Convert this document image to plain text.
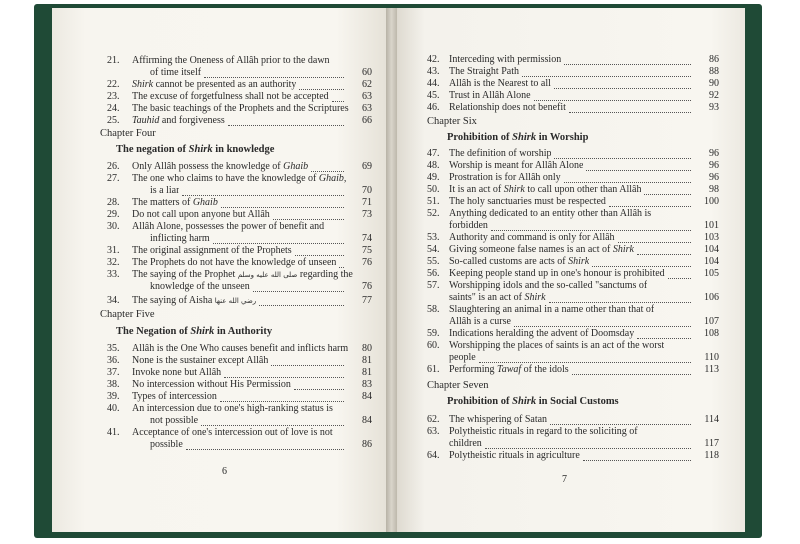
21. Affirming the Oneness of Allâh prior to the dawn
of time itself	60
22. Shirk cannot be presented as an authority	62
23. The excuse of forgetfulness shall not be accepted	63
24. The basic teachings of the Prophets and the Scriptures	63
25. Tauhid and forgiveness	66
Chapter Four
The negation of Shirk in knowledge
26. Only Allâh possess the knowledge of Ghaib	69
27. The one who claims to have the knowledge of Ghaib,
is a liar	70
28. The matters of Ghaib	71
29. Do not call upon anyone but Allâh	73
30. Allâh Alone, possesses the power of benefit and
inflicting harm	74
31. The original assignment of the Prophets	75
32. The Prophets do not have the knowledge of unseen	76
33. The saying of the Prophet صلى الله عليه وسلم regarding the
knowledge of the unseen	76
34. The saying of Aisha رضي الله عنها	77
Chapter Five
The Negation of Shirk in Authority
35. Allâh is the One Who causes benefit and inflicts harm	80
36. None is the sustainer except Allâh	81
37. Invoke none but Allâh	81
38. No intercession without His Permission	83
39. Types of intercession	84
40. An intercession due to one's high-ranking status is
not possible	84
41. Acceptance of one's intercession out of love is not
possible	86
6
42. Interceding with permission	86
43. The Straight Path	88
44. Allâh is the Nearest to all	90
45. Trust in Allâh Alone	92
46. Relationship does not benefit	93
Chapter Six
Prohibition of Shirk in Worship
47. The definition of worship	96
48. Worship is meant for Allâh Alone	96
49. Prostration is for Allâh only	96
50. It is an act of Shirk to call upon other than Allâh	98
51. The holy sanctuaries must be respected	100
52. Anything dedicated to an entity other than Allâh is
forbidden	101
53. Authority and command is only for Allâh	103
54. Giving someone false names is an act of Shirk	104
55. So-called customs are acts of Shirk	104
56. Keeping people stand up in one's honour is prohibited	105
57. Worshipping idols and the so-called "sanctums of
saints" is an act of Shirk	106
58. Slaughtering an animal in a name other than that of
Allâh is a curse	107
59. Indications heralding the advent of Doomsday	108
60. Worshipping the places of saints is an act of the worst
people	110
61. Performing Tawaf of the idols	113
Chapter Seven
Prohibition of Shirk in Social Customs
62. The whispering of Satan	114
63. Polytheistic rituals in regard to the soliciting of
children	117
64. Polytheistic rituals in agriculture	118
7
